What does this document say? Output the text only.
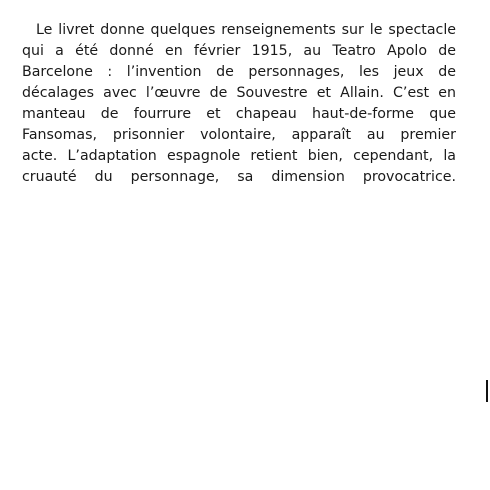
Le livret donne quelques renseignements sur le spectacle
qui a été donné en février 1915, au Teatro Apolo de
Barcelone : l’invention de personnages, les jeux de
décalages avec l’œuvre de Souvestre et Allain. C’est en
manteau de fourrure et chapeau haut-de-forme que
Fansomas, prisonnier volontaire, apparaît au premier
acte. L’adaptation espagnole retient bien, cependant, la
cruauté du personnage, sa dimension provocatrice.
